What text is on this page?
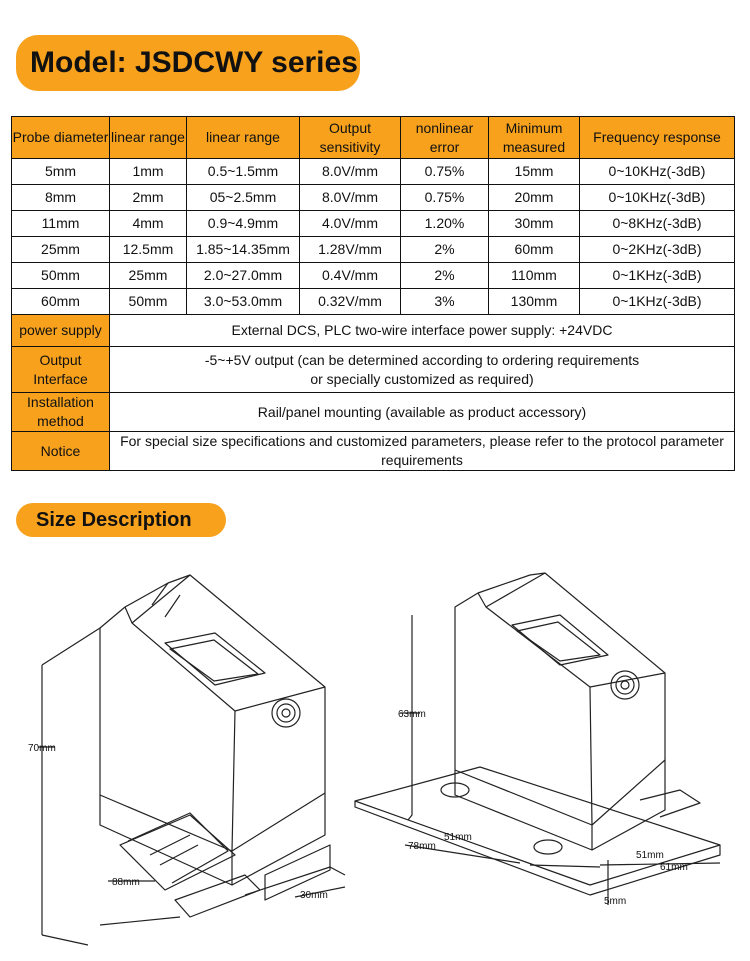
Model: JSDCWY series
Probe diameter	linear range	linear range	Output sensitivity	nonlinear error	Minimum measured	Frequency response
5mm	1mm	0.5~1.5mm	8.0V/mm	0.75%	15mm	0~10KHz(-3dB)
8mm	2mm	05~2.5mm	8.0V/mm	0.75%	20mm	0~10KHz(-3dB)
11mm	4mm	0.9~4.9mm	4.0V/mm	1.20%	30mm	0~8KHz(-3dB)
25mm	12.5mm	1.85~14.35mm	1.28V/mm	2%	60mm	0~2KHz(-3dB)
50mm	25mm	2.0~27.0mm	0.4V/mm	2%	110mm	0~1KHz(-3dB)
60mm	50mm	3.0~53.0mm	0.32V/mm	3%	130mm	0~1KHz(-3dB)
power supply	External DCS, PLC two-wire interface power supply: +24VDC					
Output Interface	-5~+5V output (can be determined according to ordering requirements or specially customized as required)					
Installation method	Rail/panel mounting (available as product accessory)					
Notice	For special size specifications and customized parameters, please refer to the protocol parameter requirements					
Size Description
70mm
88mm
30mm
63mm
78mm
51mm
51mm
61mm
5mm
